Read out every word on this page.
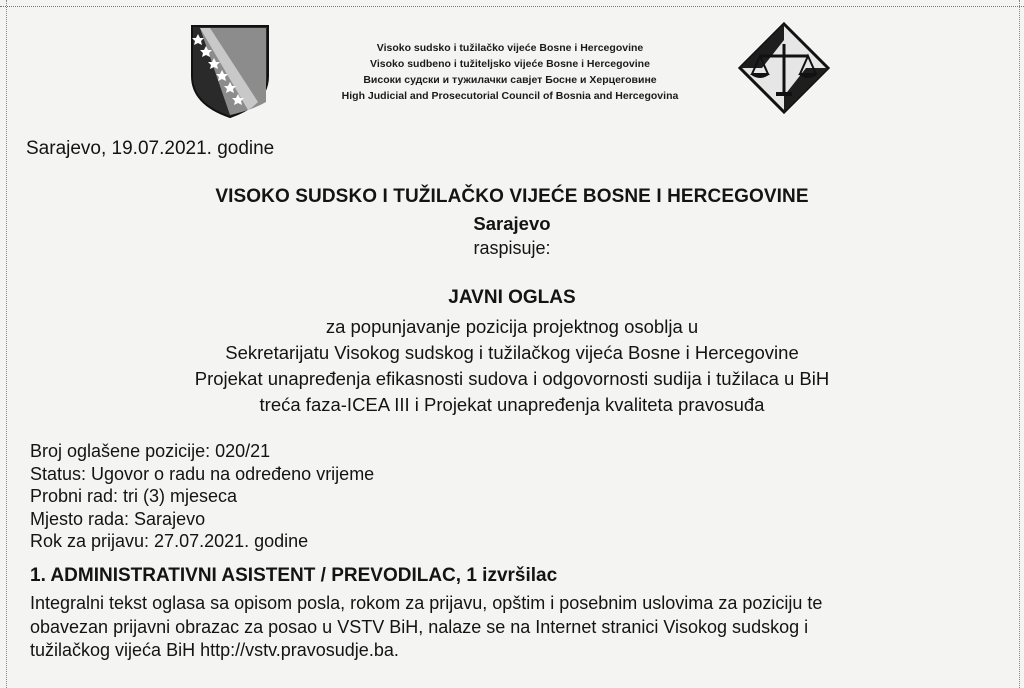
Visoko sudsko i tužilačko vijeće Bosne i Hercegovine
Visoko sudbeno i tužiteljsko vijeće Bosne i Hercegovine
Високи судски и тужилачки савјет Босне и Херцеговине
High Judicial and Prosecutorial Council of Bosnia and Hercegovina
Sarajevo, 19.07.2021. godine
VISOKO SUDSKO I TUŽILAČKO VIJEĆE BOSNE I HERCEGOVINE
Sarajevo
raspisuje:
JAVNI OGLAS
za popunjavanje pozicija projektnog osoblja u
Sekretarijatu Visokog sudskog i tužilačkog vijeća Bosne i Hercegovine
Projekat unapređenja efikasnosti sudova i odgovornosti sudija i tužilaca u BiH
treća faza-ICEA III i Projekat unapređenja kvaliteta pravosuđa
Broj oglašene pozicije: 020/21
Status: Ugovor o radu na određeno vrijeme
Probni rad: tri (3) mjeseca
Mjesto rada: Sarajevo
Rok za prijavu: 27.07.2021. godine
1. ADMINISTRATIVNI ASISTENT / PREVODILAC, 1 izvršilac
Integralni tekst oglasa sa opisom posla, rokom za prijavu, opštim i posebnim uslovima za poziciju te
obavezan prijavni obrazac za posao u VSTV BiH, nalaze se na Internet stranici Visokog sudskog i
tužilačkog vijeća BiH http://vstv.pravosudje.ba.
